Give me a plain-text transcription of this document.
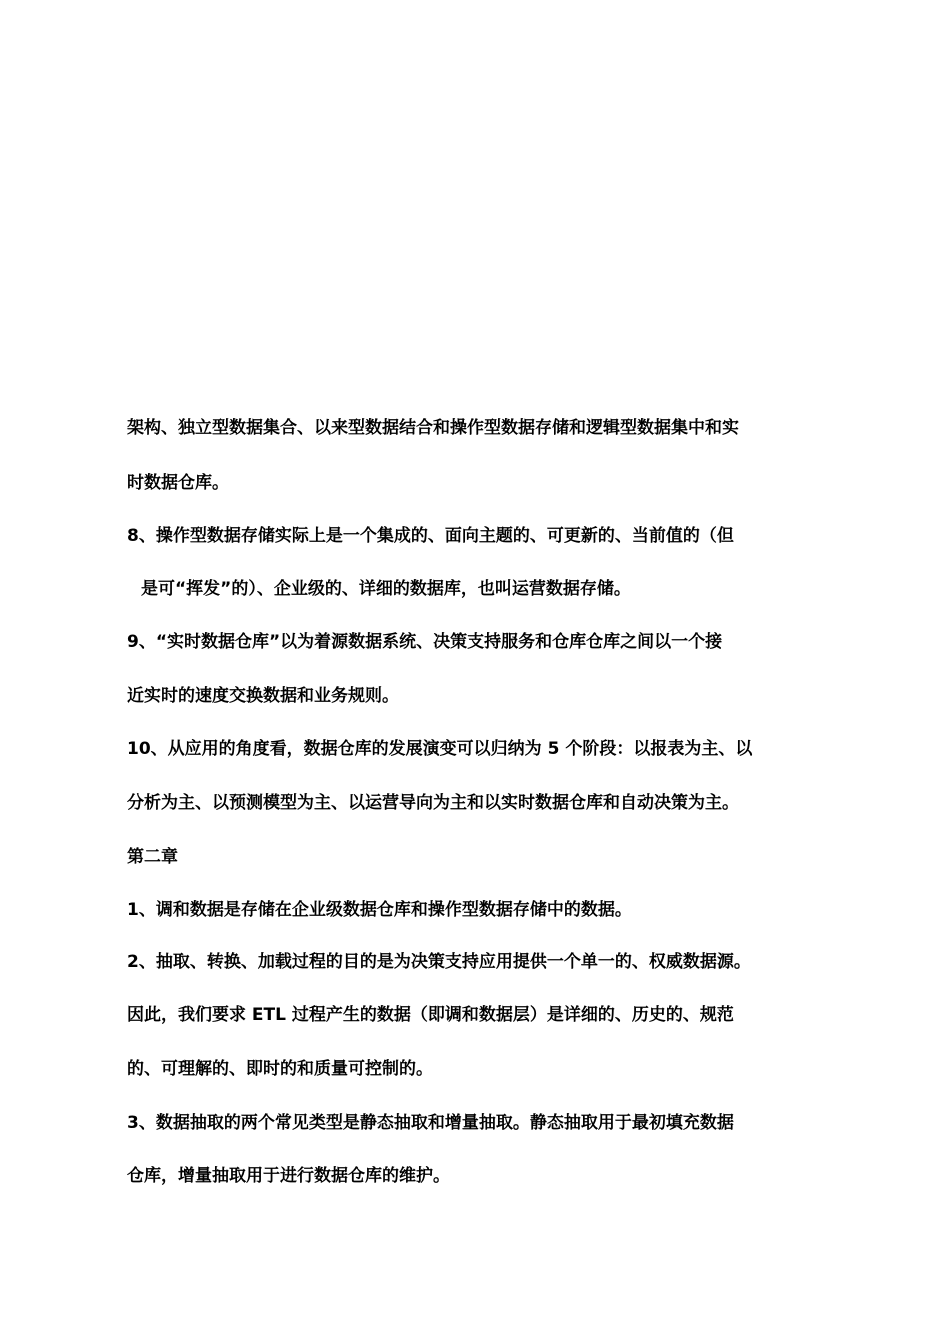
架构、独立型数据集合、以来型数据结合和操作型数据存储和逻辑型数据集中和实
时数据仓库。
8、操作型数据存储实际上是一个集成的、面向主题的、可更新的、当前值的（但
是可“挥发”的）、企业级的、详细的数据库，也叫运营数据存储。
9、“实时数据仓库”以为着源数据系统、决策支持服务和仓库仓库之间以一个接
近实时的速度交换数据和业务规则。
10、从应用的角度看，数据仓库的发展演变可以归纳为 5 个阶段：以报表为主、以
分析为主、以预测模型为主、以运营导向为主和以实时数据仓库和自动决策为主。
第二章
1、调和数据是存储在企业级数据仓库和操作型数据存储中的数据。
2、抽取、转换、加载过程的目的是为决策支持应用提供一个单一的、权威数据源。
因此，我们要求 ETL 过程产生的数据（即调和数据层）是详细的、历史的、规范
的、可理解的、即时的和质量可控制的。
3、数据抽取的两个常见类型是静态抽取和增量抽取。静态抽取用于最初填充数据
仓库，增量抽取用于进行数据仓库的维护。
